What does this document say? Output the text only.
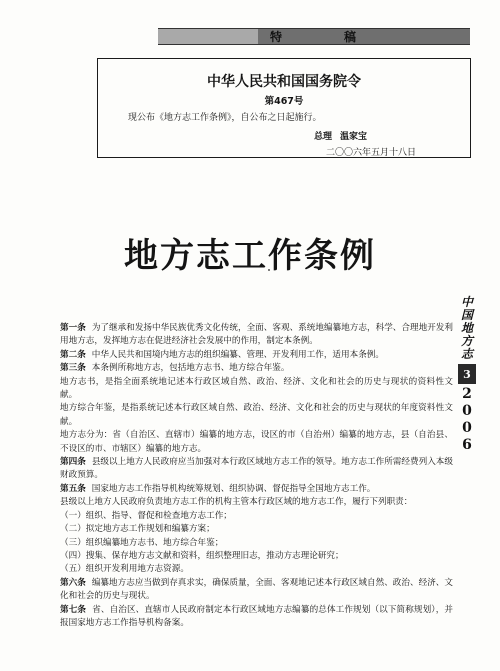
特	稿
中华人民共和国国务院令
第467号
现公布《地方志工作条例》，自公布之日起施行。
总理 温家宝
二〇〇六年五月十八日
地方志工作条例
中
国
地
方
志
3
2
0
0
6

第一条 为了继承和发扬中华民族优秀文化传统，全面、客观、系统地编纂地方志，科学、合理地开发利用地方志，发挥地方志在促进经济社会发展中的作用，制定本条例。

第二条 中华人民共和国境内地方志的组织编纂、管理、开发利用工作，适用本条例。

第三条 本条例所称地方志，包括地方志书、地方综合年鉴。

地方志书，是指全面系统地记述本行政区域自然、政治、经济、文化和社会的历史与现状的资料性文献。

地方综合年鉴，是指系统记述本行政区域自然、政治、经济、文化和社会的历史与现状的年度资料性文献。

地方志分为：省（自治区、直辖市）编纂的地方志，设区的市（自治州）编纂的地方志，县（自治县、不设区的市、市辖区）编纂的地方志。

第四条 县级以上地方人民政府应当加强对本行政区域地方志工作的领导。地方志工作所需经费列入本级财政预算。

第五条 国家地方志工作指导机构统筹规划、组织协调、督促指导全国地方志工作。

县级以上地方人民政府负责地方志工作的机构主管本行政区域的地方志工作，履行下列职责：

（一）组织、指导、督促和检查地方志工作；

（二）拟定地方志工作规划和编纂方案；

（三）组织编纂地方志书、地方综合年鉴；

（四）搜集、保存地方志文献和资料，组织整理旧志，推动方志理论研究；

（五）组织开发利用地方志资源。

第六条 编纂地方志应当做到存真求实，确保质量，全面、客观地记述本行政区域自然、政治、经济、文化和社会的历史与现状。

第七条 省、自治区、直辖市人民政府制定本行政区域地方志编纂的总体工作规划（以下简称规划），并报国家地方志工作指导机构备案。
